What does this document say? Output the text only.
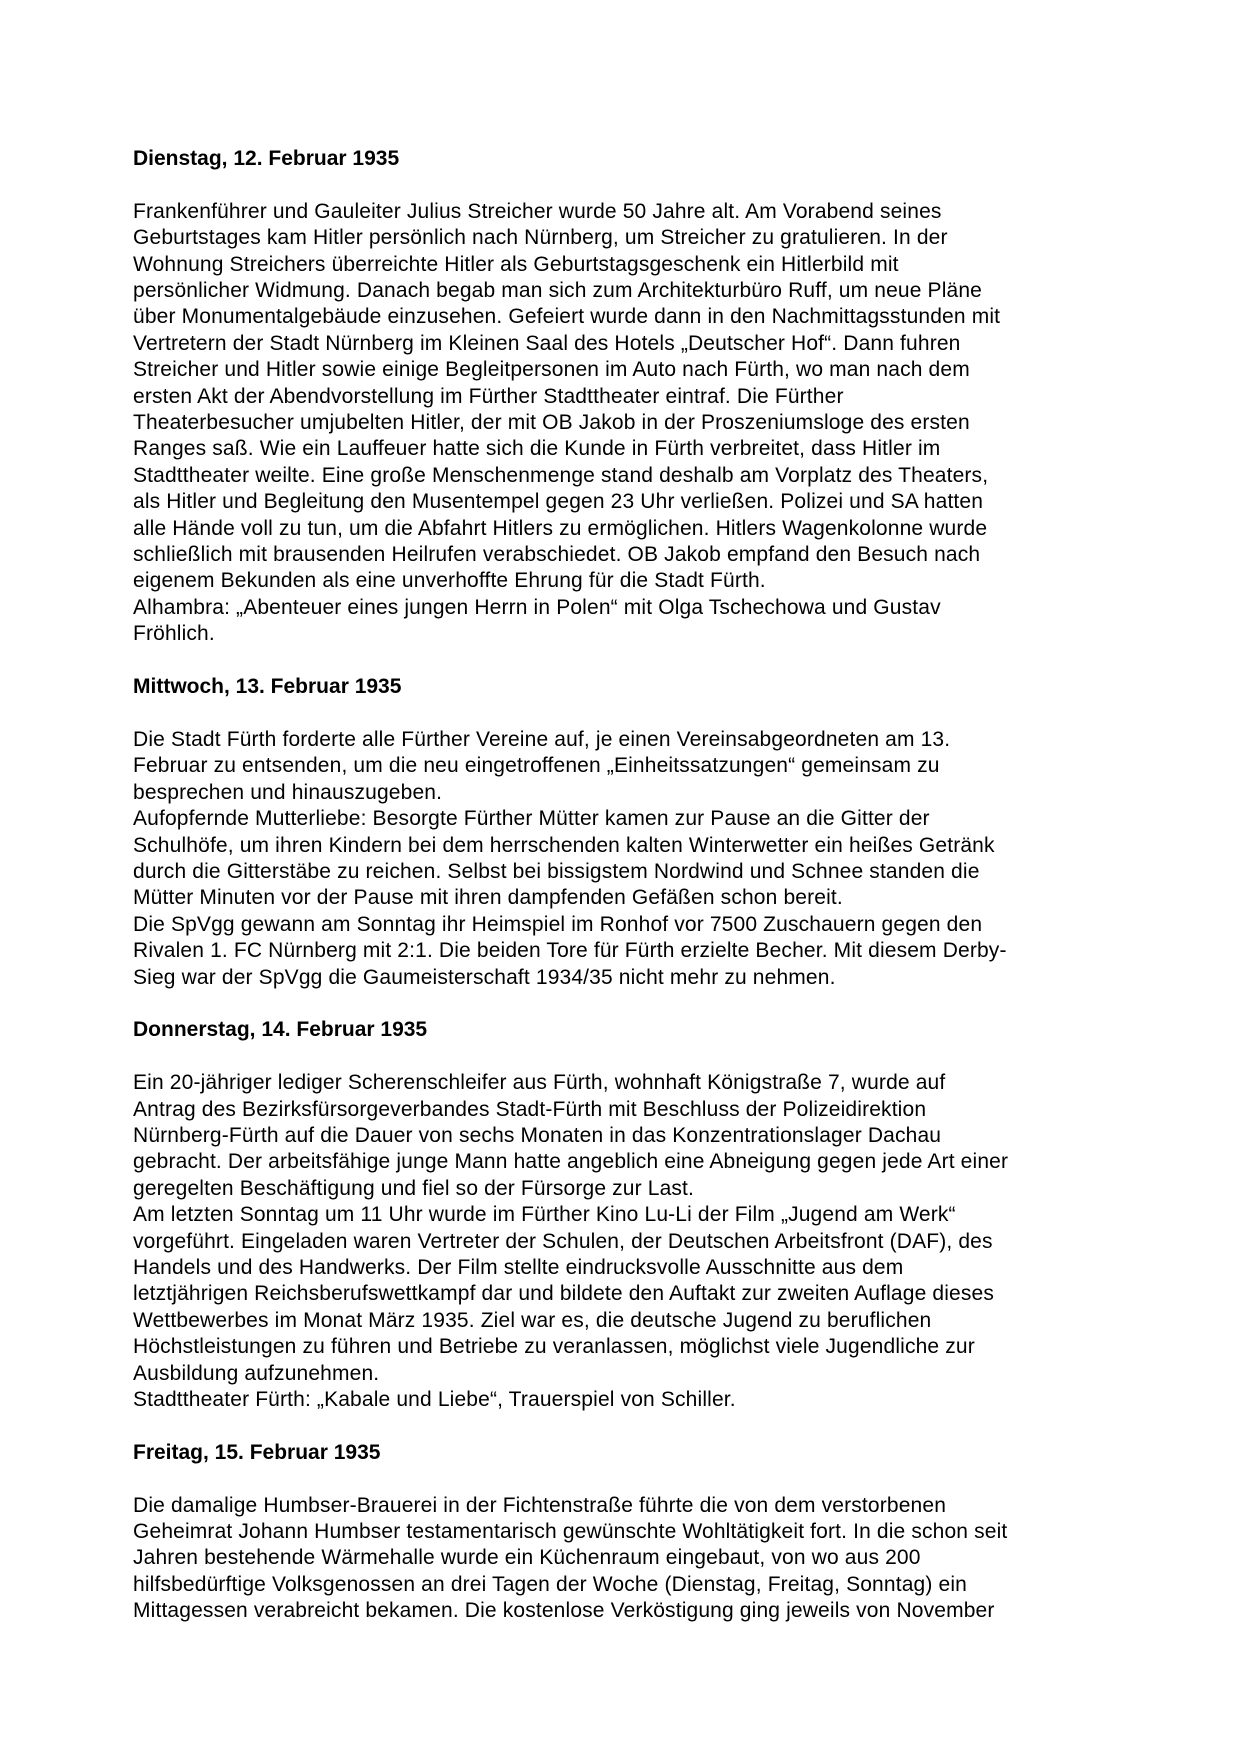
Dienstag, 12. Februar 1935
Frankenführer und Gauleiter Julius Streicher wurde 50 Jahre alt. Am Vorabend seines
Geburtstages kam Hitler persönlich nach Nürnberg, um Streicher zu gratulieren. In der
Wohnung Streichers überreichte Hitler als Geburtstagsgeschenk ein Hitlerbild mit
persönlicher Widmung. Danach begab man sich zum Architekturbüro Ruff, um neue Pläne
über Monumentalgebäude einzusehen. Gefeiert wurde dann in den Nachmittagsstunden mit
Vertretern der Stadt Nürnberg im Kleinen Saal des Hotels „Deutscher Hof“. Dann fuhren
Streicher und Hitler sowie einige Begleitpersonen im Auto nach Fürth, wo man nach dem
ersten Akt der Abendvorstellung im Fürther Stadttheater eintraf. Die Fürther
Theaterbesucher umjubelten Hitler, der mit OB Jakob in der Proszeniumsloge des ersten
Ranges saß. Wie ein Lauffeuer hatte sich die Kunde in Fürth verbreitet, dass Hitler im
Stadttheater weilte. Eine große Menschenmenge stand deshalb am Vorplatz des Theaters,
als Hitler und Begleitung den Musentempel gegen 23 Uhr verließen. Polizei und SA hatten
alle Hände voll zu tun, um die Abfahrt Hitlers zu ermöglichen. Hitlers Wagenkolonne wurde
schließlich mit brausenden Heilrufen verabschiedet. OB Jakob empfand den Besuch nach
eigenem Bekunden als eine unverhoffte Ehrung für die Stadt Fürth.
Alhambra: „Abenteuer eines jungen Herrn in Polen“ mit Olga Tschechowa und Gustav
Fröhlich.
Mittwoch, 13. Februar 1935
Die Stadt Fürth forderte alle Fürther Vereine auf, je einen Vereinsabgeordneten am 13.
Februar zu entsenden, um die neu eingetroffenen „Einheitssatzungen“ gemeinsam zu
besprechen und hinauszugeben.
Aufopfernde Mutterliebe: Besorgte Fürther Mütter kamen zur Pause an die Gitter der
Schulhöfe, um ihren Kindern bei dem herrschenden kalten Winterwetter ein heißes Getränk
durch die Gitterstäbe zu reichen. Selbst bei bissigstem Nordwind und Schnee standen die
Mütter Minuten vor der Pause mit ihren dampfenden Gefäßen schon bereit.
Die SpVgg gewann am Sonntag ihr Heimspiel im Ronhof vor 7500 Zuschauern gegen den
Rivalen 1. FC Nürnberg mit 2:1. Die beiden Tore für Fürth erzielte Becher. Mit diesem Derby-
Sieg war der SpVgg die Gaumeisterschaft 1934/35 nicht mehr zu nehmen.
Donnerstag, 14. Februar 1935
Ein 20-jähriger lediger Scherenschleifer aus Fürth, wohnhaft Königstraße 7, wurde auf
Antrag des Bezirksfürsorgeverbandes Stadt-Fürth mit Beschluss der Polizeidirektion
Nürnberg-Fürth auf die Dauer von sechs Monaten in das Konzentrationslager Dachau
gebracht. Der arbeitsfähige junge Mann hatte angeblich eine Abneigung gegen jede Art einer
geregelten Beschäftigung und fiel so der Fürsorge zur Last.
Am letzten Sonntag um 11 Uhr wurde im Fürther Kino Lu-Li der Film „Jugend am Werk“
vorgeführt. Eingeladen waren Vertreter der Schulen, der Deutschen Arbeitsfront (DAF), des
Handels und des Handwerks. Der Film stellte eindrucksvolle Ausschnitte aus dem
letztjährigen Reichsberufswettkampf dar und bildete den Auftakt zur zweiten Auflage dieses
Wettbewerbes im Monat März 1935. Ziel war es, die deutsche Jugend zu beruflichen
Höchstleistungen zu führen und Betriebe zu veranlassen, möglichst viele Jugendliche zur
Ausbildung aufzunehmen.
Stadttheater Fürth: „Kabale und Liebe“, Trauerspiel von Schiller.
Freitag, 15. Februar 1935
Die damalige Humbser-Brauerei in der Fichtenstraße führte die von dem verstorbenen
Geheimrat Johann Humbser testamentarisch gewünschte Wohltätigkeit fort. In die schon seit
Jahren bestehende Wärmehalle wurde ein Küchenraum eingebaut, von wo aus 200
hilfsbedürftige Volksgenossen an drei Tagen der Woche (Dienstag, Freitag, Sonntag) ein
Mittagessen verabreicht bekamen. Die kostenlose Verköstigung ging jeweils von November
